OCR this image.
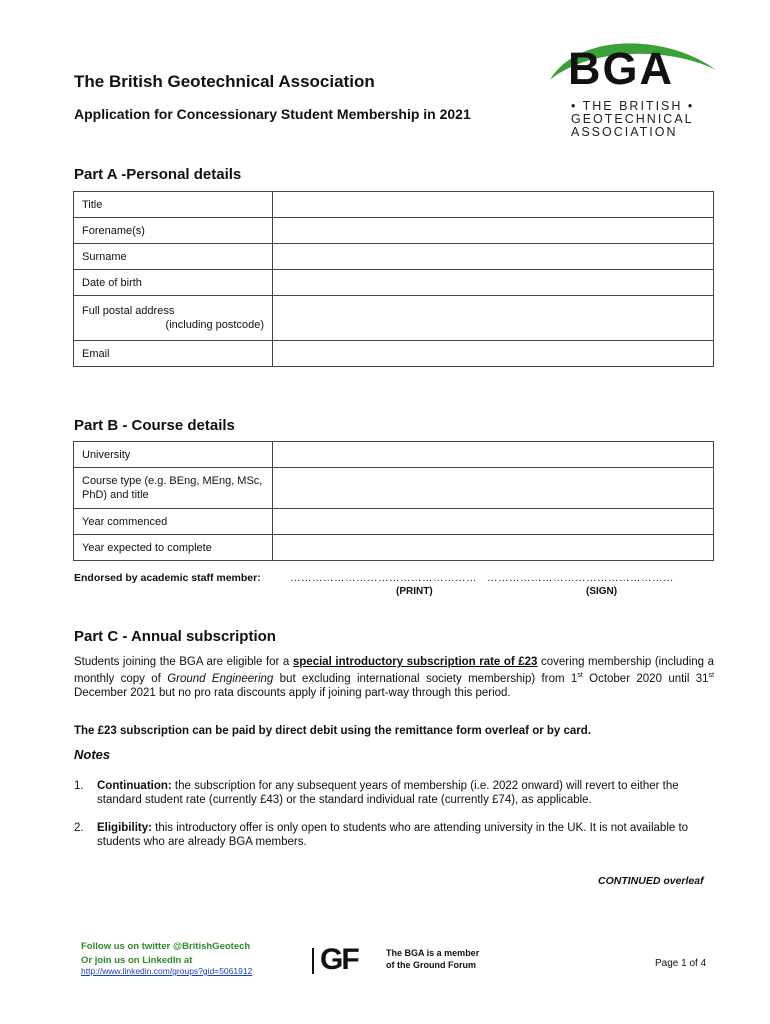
BGA
• THE BRITISH •
GEOTECHNICAL
ASSOCIATION
The British Geotechnical Association
Application for Concessionary Student Membership in 2021
Part A -Personal details
Title	
Forename(s)	
Surname	
Date of birth	

Full postal address
(including postcode)	

Email	
Part B - Course details
University	
Course type (e.g. BEng, MEng, MSc, PhD) and title	
Year commenced	
Year expected to complete	
Endorsed by academic staff member:	…………………………………………… ……………………………………………
(PRINT)	(SIGN)
Part C - Annual subscription
Students joining the BGA are eligible for a special introductory subscription rate of £23 covering membership (including a monthly copy of Ground Engineering but excluding international society membership) from 1st October 2020 until 31st December 2021 but no pro rata discounts apply if joining part-way through this period.
The £23 subscription can be paid by direct debit using the remittance form overleaf or by card.
Notes
1. Continuation: the subscription for any subsequent years of membership (i.e. 2022 onward) will revert to either the standard student rate (currently £43) or the standard individual rate (currently £74), as applicable.
2. Eligibility: this introductory offer is only open to students who are attending university in the UK. It is not available to students who are already BGA members.
CONTINUED overleaf
Follow us on twitter @BritishGeotech
Or join us on LinkedIn at
http://www.linkedin.com/groups?gid=5061912 GF	The BGA is a member
of the Ground Forum	Page 1 of 4
